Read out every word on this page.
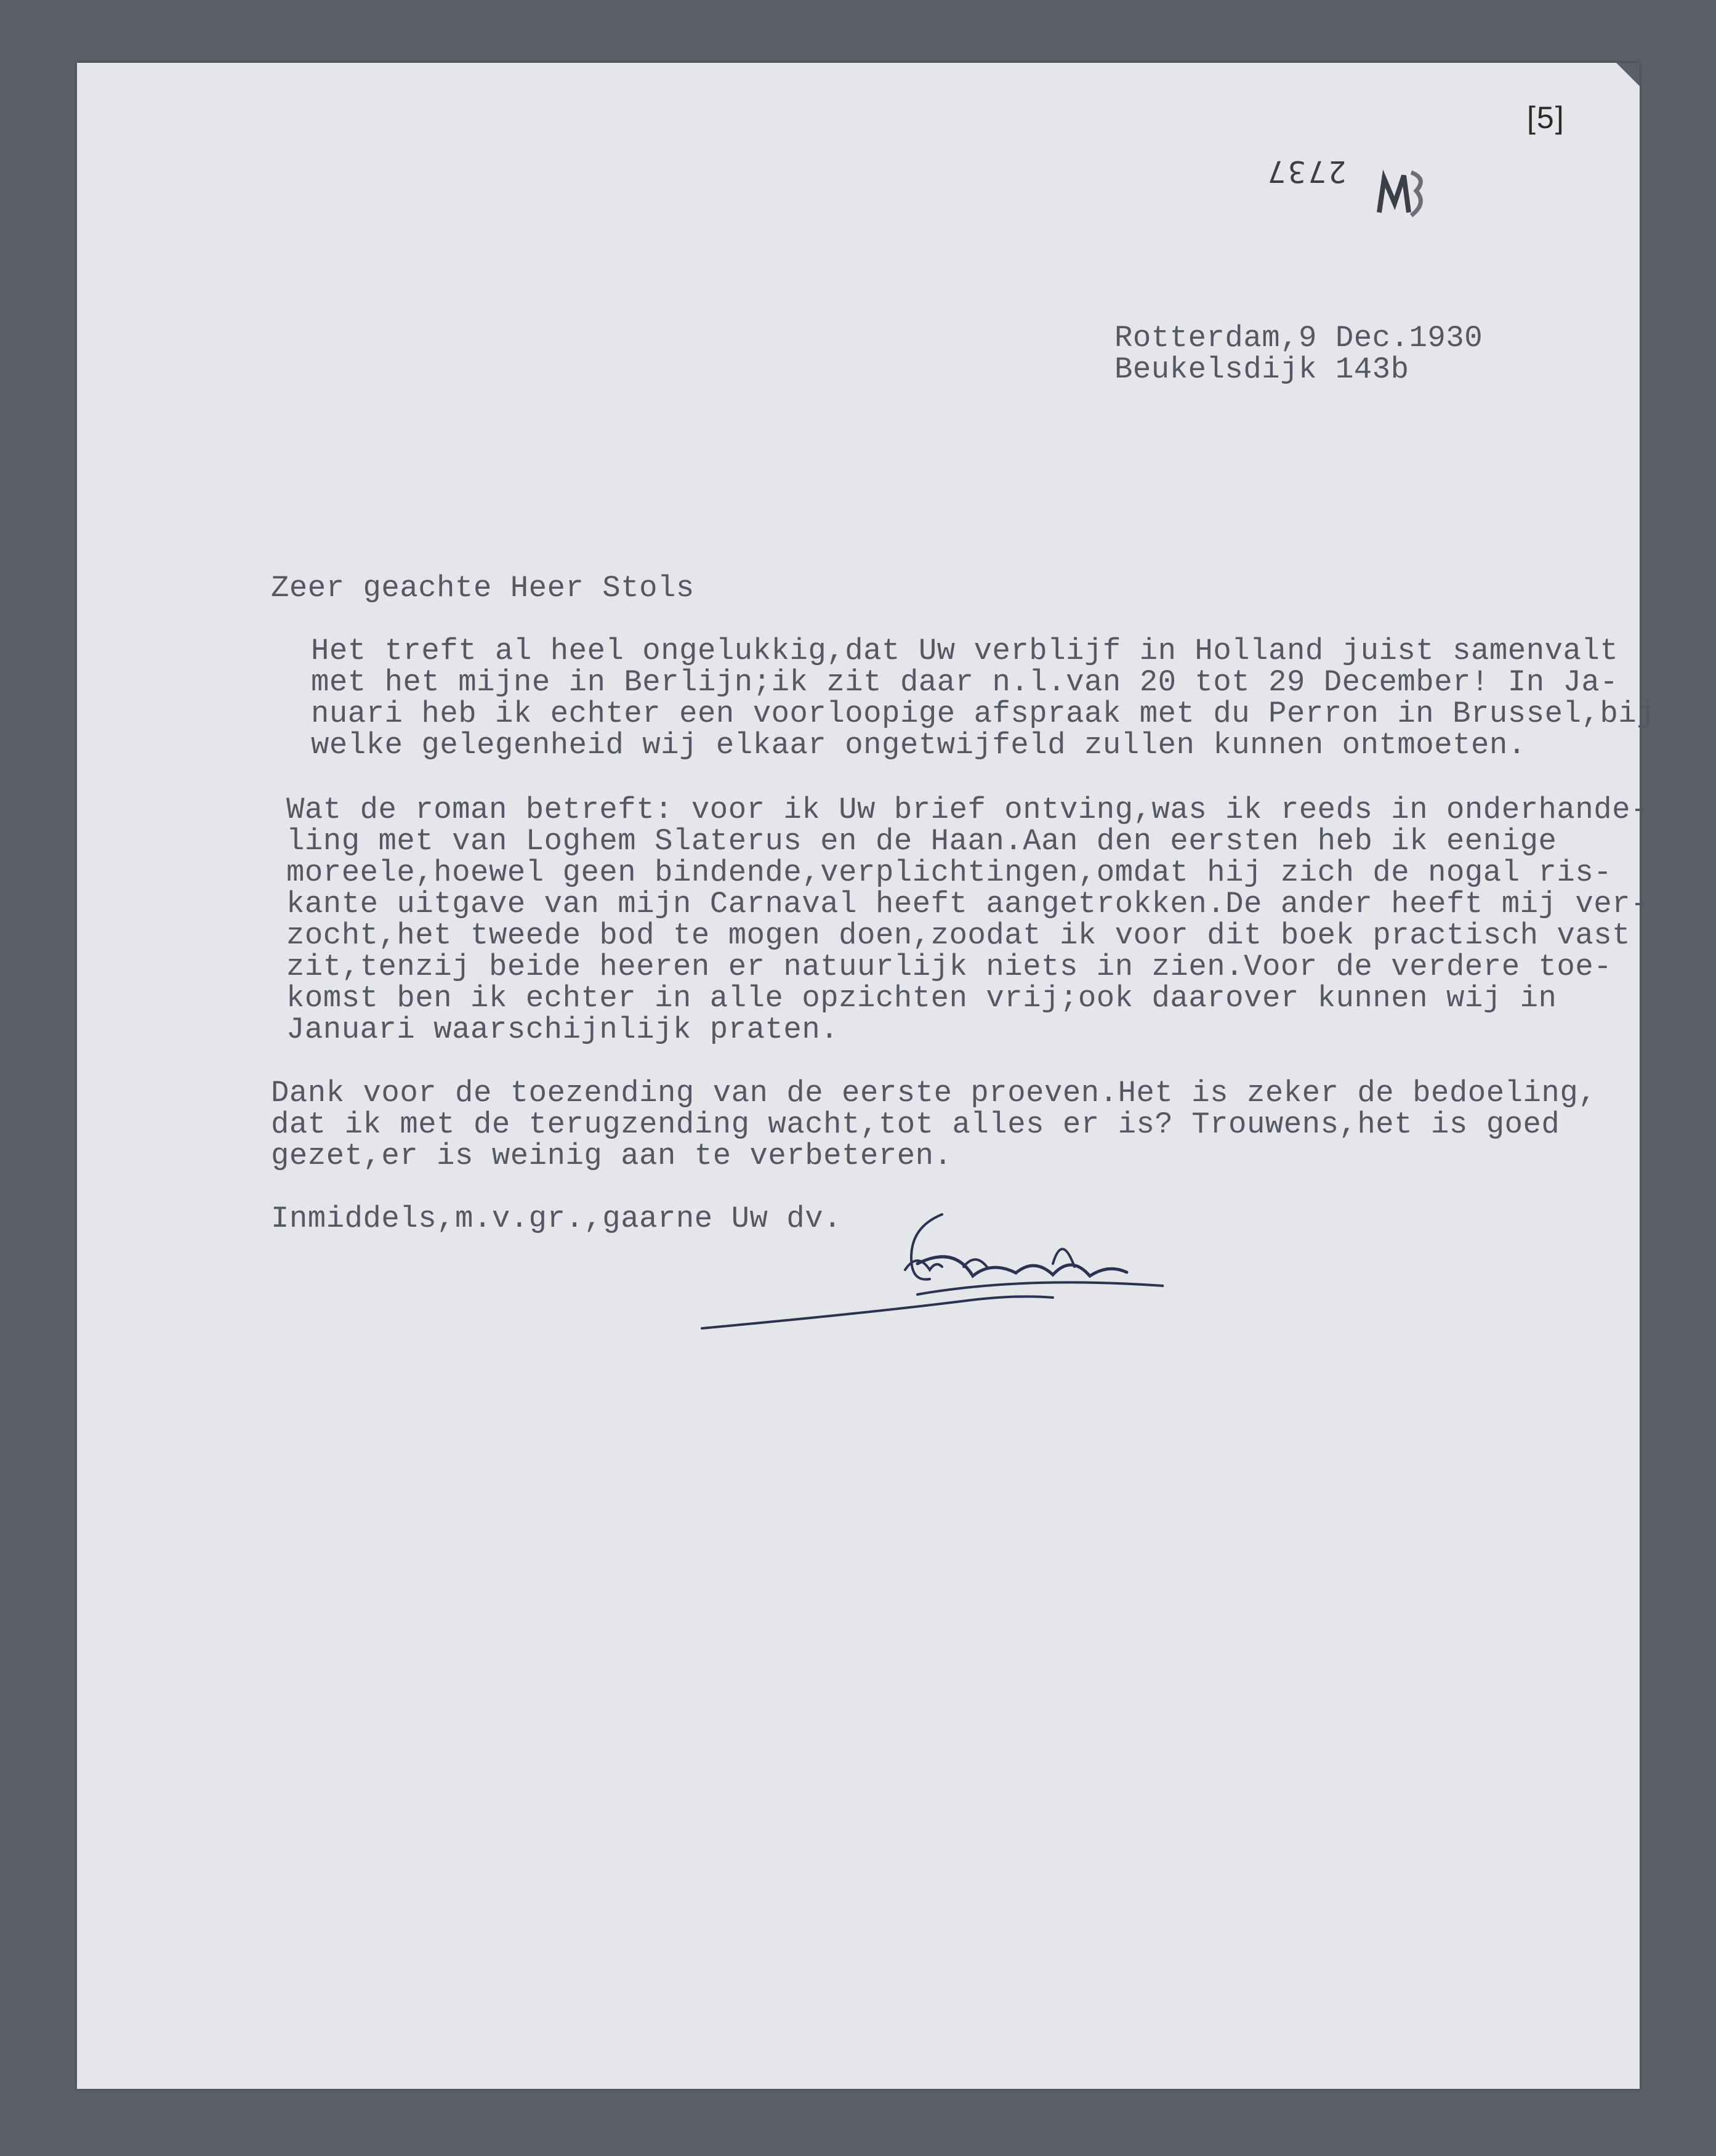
[5]
2737
Rotterdam,9 Dec.1930
Beukelsdijk 143b
Zeer geachte Heer Stols
Het treft al heel ongelukkig,dat Uw verblijf in Holland juist samenvalt
met het mijne in Berlijn;ik zit daar n.l.van 20 tot 29 December! In Ja-
nuari heb ik echter een voorloopige afspraak met du Perron in Brussel,bij
welke gelegenheid wij elkaar ongetwijfeld zullen kunnen ontmoeten.
Wat de roman betreft: voor ik Uw brief ontving,was ik reeds in onderhande-
ling met van Loghem Slaterus en de Haan.Aan den eersten heb ik eenige
moreele,hoewel geen bindende,verplichtingen,omdat hij zich de nogal ris-
kante uitgave van mijn Carnaval heeft aangetrokken.De ander heeft mij ver-
zocht,het tweede bod te mogen doen,zoodat ik voor dit boek practisch vast
zit,tenzij beide heeren er natuurlijk niets in zien.Voor de verdere toe-
komst ben ik echter in alle opzichten vrij;ook daarover kunnen wij in
Januari waarschijnlijk praten.
Dank voor de toezending van de eerste proeven.Het is zeker de bedoeling,
dat ik met de terugzending wacht,tot alles er is? Trouwens,het is goed
gezet,er is weinig aan te verbeteren.
Inmiddels,m.v.gr.,gaarne Uw dv.
